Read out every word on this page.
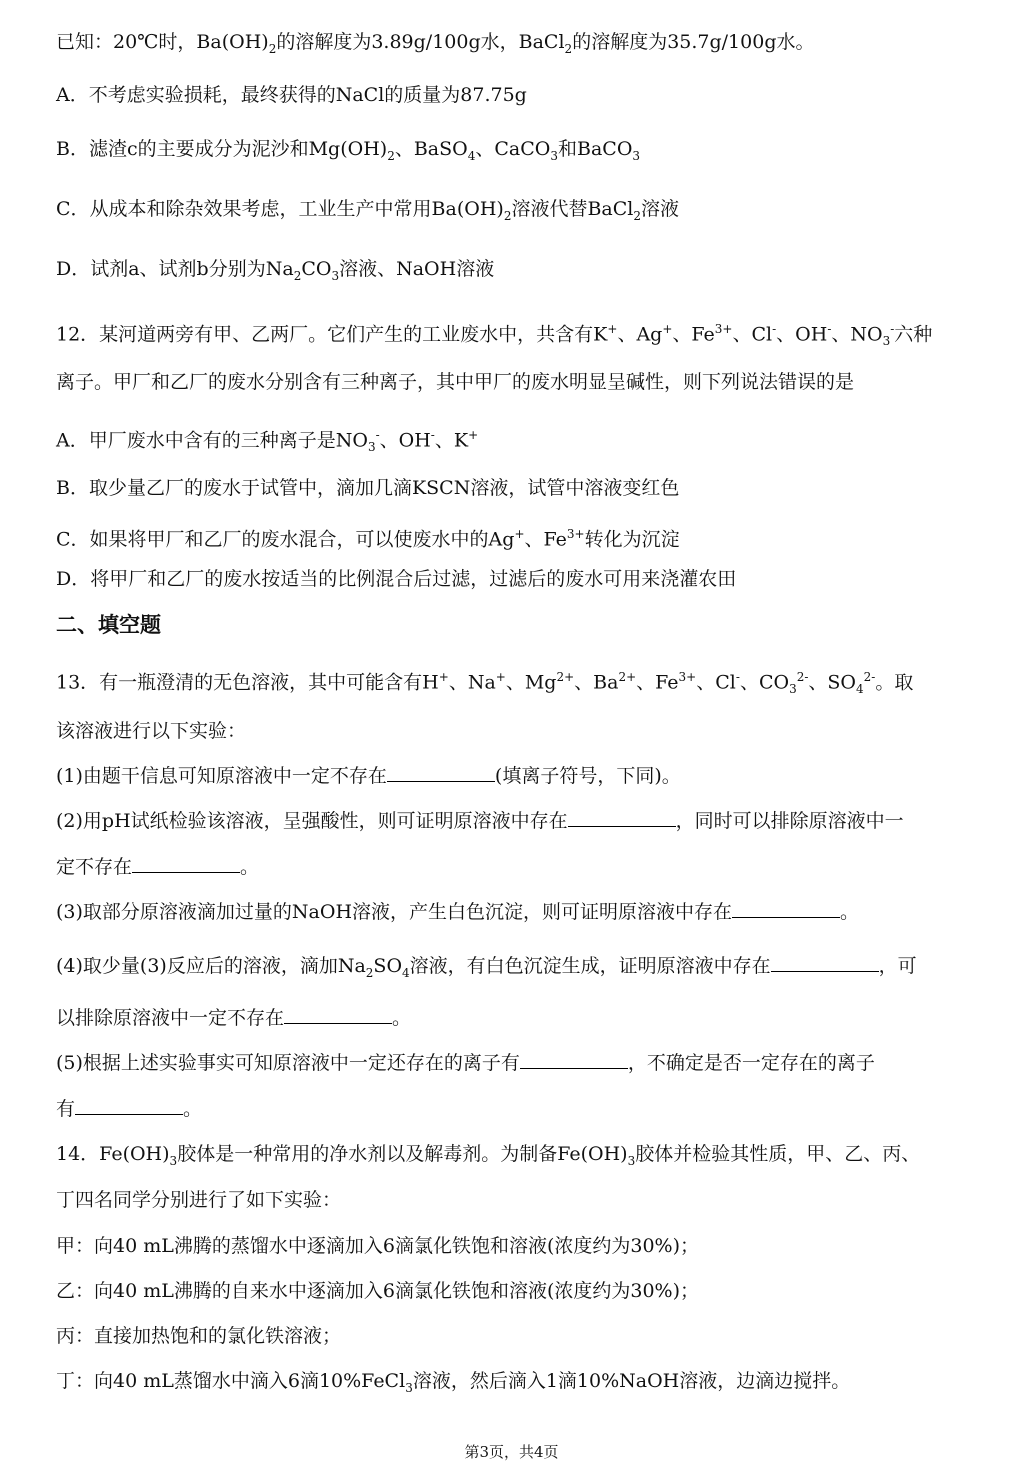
已知：20℃时，$Ba(OH)_2$的溶解度为3.89g/100g水，BaCl$_2$的溶解度为35.7g/100g水。
A．不考虑实验损耗，最终获得的NaCl的质量为87.75g
B．滤渣c的主要成分为泥沙和$Mg(OH)_2$、BaSO$_4$、CaCO$_3$和BaCO$_3$
C．从成本和除杂效果考虑，工业生产中常用$Ba(OH)_2$溶液代替BaCl$_2$溶液
D．试剂a、试剂b分别为$Na_2CO_3$溶液、NaOH溶液
12．某河道两旁有甲、乙两厂。它们产生的工业废水中，共含有K+、Ag+、$Fe^{3+}$、Cl-、OH-、$NO_3^-$六种
离子。甲厂和乙厂的废水分别含有三种离子，其中甲厂的废水明显呈碱性，则下列说法错误的是
A．甲厂废水中含有的三种离子是$NO_3^-$、OH-、K+
B．取少量乙厂的废水于试管中，滴加几滴KSCN溶液，试管中溶液变红色
C．如果将甲厂和乙厂的废水混合，可以使废水中的Ag+、$Fe^{3+}$转化为沉淀
D．将甲厂和乙厂的废水按适当的比例混合后过滤，过滤后的废水可用来浇灌农田
二、填空题
13．有一瓶澄清的无色溶液，其中可能含有H+、Na+、$Mg^{2+}$、$Ba^{2+}$、$Fe^{3+}$、Cl-、$CO_3^{2-}$、$SO_4^{2-}$。取
该溶液进行以下实验：
(1)由题干信息可知原溶液中一定不存在	(填离子符号，下同)。
(2)用pH试纸检验该溶液，呈强酸性，则可证明原溶液中存在	，同时可以排除原溶液中一
定不存在	。
(3)取部分原溶液滴加过量的NaOH溶液，产生白色沉淀，则可证明原溶液中存在	。
(4)取少量(3)反应后的溶液，滴加$Na_2SO_4$溶液，有白色沉淀生成，证明原溶液中存在	，可
以排除原溶液中一定不存在	。
(5)根据上述实验事实可知原溶液中一定还存在的离子有	，不确定是否一定存在的离子
有	。
14．$Fe(OH)_3$胶体是一种常用的净水剂以及解毒剂。为制备$Fe(OH)_3$胶体并检验其性质，甲、乙、丙、
丁四名同学分别进行了如下实验：
甲：向40 mL沸腾的蒸馏水中逐滴加入6滴氯化铁饱和溶液(浓度约为30%)；
乙：向40 mL沸腾的自来水中逐滴加入6滴氯化铁饱和溶液(浓度约为30%)；
丙：直接加热饱和的氯化铁溶液；
丁：向40 mL蒸馏水中滴入6滴10%FeCl$_3$溶液，然后滴入1滴10%NaOH溶液，边滴边搅拌。
第3页，共4页
